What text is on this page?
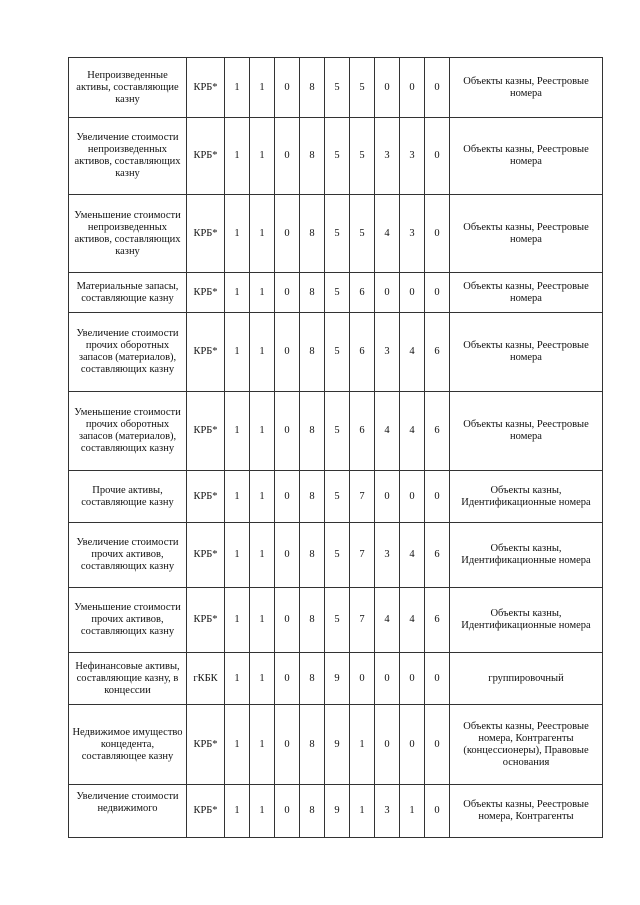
Непроизведенные активы, составляющие казну	КРБ*	1	1	0	8	5	5	0	0	0	Объекты казны, Реестровые номера
Увеличение стоимости непроизведенных активов, составляющих казну	КРБ*	1	1	0	8	5	5	3	3	0	Объекты казны, Реестровые номера
Уменьшение стоимости непроизведенных активов, составляющих казну	КРБ*	1	1	0	8	5	5	4	3	0	Объекты казны, Реестровые номера
Материальные запасы, составляющие казну	КРБ*	1	1	0	8	5	6	0	0	0	Объекты казны, Реестровые номера
Увеличение стоимости прочих оборотных запасов (материалов), составляющих казну	КРБ*	1	1	0	8	5	6	3	4	6	Объекты казны, Реестровые номера
Уменьшение стоимости прочих оборотных запасов (материалов), составляющих казну	КРБ*	1	1	0	8	5	6	4	4	6	Объекты казны, Реестровые номера
Прочие активы, составляющие казну	КРБ*	1	1	0	8	5	7	0	0	0	Объекты казны, Идентификационные номера
Увеличение стоимости прочих активов, составляющих казну	КРБ*	1	1	0	8	5	7	3	4	6	Объекты казны, Идентификационные номера
Уменьшение стоимости прочих активов, составляющих казну	КРБ*	1	1	0	8	5	7	4	4	6	Объекты казны, Идентификационные номера
Нефинансовые активы, составляющие казну, в концессии	гКБК	1	1	0	8	9	0	0	0	0	группировочный
Недвижимое имущество концедента, составляющее казну	КРБ*	1	1	0	8	9	1	0	0	0	Объекты казны, Реестровые номера, Контрагенты (концессионеры), Правовые основания
Увеличение стоимости недвижимого	КРБ*	1	1	0	8	9	1	3	1	0	Объекты казны, Реестровые номера, Контрагенты
